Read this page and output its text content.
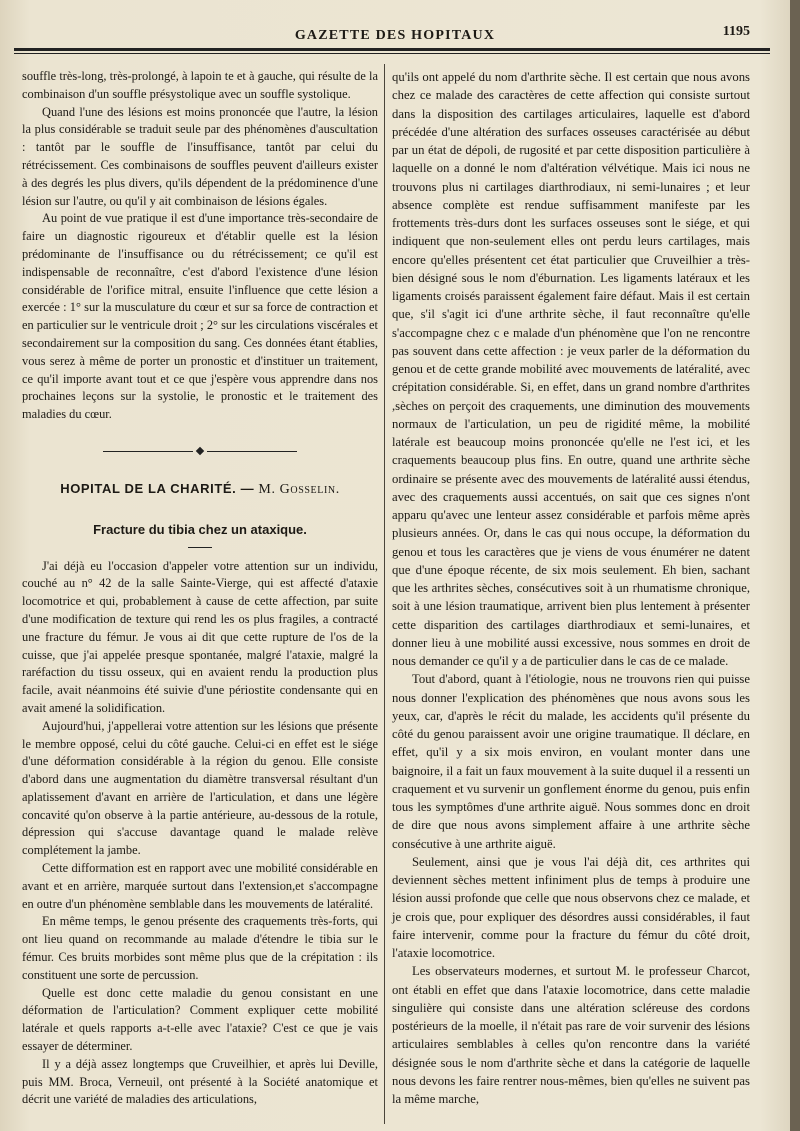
GAZETTE DES HOPITAUX	1195

souffle très-long, très-prolongé, à lapoin te et à gauche, qui résulte de la combinaison d'un souffle présystolique avec un souffle systolique.

Quand l'une des lésions est moins prononcée que l'autre, la lésion la plus considérable se traduit seule par des phénomènes d'auscultation : tantôt par le souffle de l'insuffisance, tantôt par celui du rétrécissement. Ces combinaisons de souffles peuvent d'ailleurs exister à des degrés les plus divers, qu'ils dépendent de la prédominence d'une lésion sur l'autre, ou qu'il y ait combinaison de lésions égales.

Au point de vue pratique il est d'une importance très-secondaire de faire un diagnostic rigoureux et d'établir quelle est la lésion prédominante de l'insuffisance ou du rétrécissement; ce qu'il est indispensable de reconnaître, c'est d'abord l'existence d'une lésion considérable de l'orifice mitral, ensuite l'influence que cette lésion a exercée : 1° sur la musculature du cœur et sur sa force de contraction et en particulier sur le ventricule droit ; 2° sur les circulations viscérales et secondairement sur la composition du sang. Ces données étant établies, vous serez à même de porter un pronostic et d'instituer un traitement, ce qu'il importe avant tout et ce que j'espère vous apprendre dans nos prochaines leçons sur la systolie, le pronostic et le traitement des maladies du cœur.

HOPITAL DE LA CHARITÉ. — M. Gosselin.
Fracture du tibia chez un ataxique.

J'ai déjà eu l'occasion d'appeler votre attention sur un individu, couché au n° 42 de la salle Sainte-Vierge, qui est affecté d'ataxie locomotrice et qui, probablement à cause de cette affection, par suite d'une modification de texture qui rend les os plus fragiles, a contracté une fracture du fémur. Je vous ai dit que cette rupture de l'os de la cuisse, que j'ai appelée presque spontanée, malgré l'ataxie, malgré la raréfaction du tissu osseux, qui en avaient rendu la production plus facile, avait néanmoins été suivie d'une périostite condensante qui en avait amené la solidification.

Aujourd'hui, j'appellerai votre attention sur les lésions que présente le membre opposé, celui du côté gauche. Celui-ci en effet est le siége d'une déformation considérable à la région du genou. Elle consiste d'abord dans une augmentation du diamètre transversal résultant d'un aplatissement d'avant en arrière de l'articulation, et dans une légère concavité qu'on observe à la partie antérieure, au-dessous de la rotule, dépression qui s'accuse davantage quand le malade relève complétement la jambe.

Cette difformation est en rapport avec une mobilité considérable en avant et en arrière, marquée surtout dans l'extension,et s'accompagne en outre d'un phénomène semblable dans les mouvements de latéralité.

En même temps, le genou présente des craquements très-forts, qui ont lieu quand on recommande au malade d'étendre le tibia sur le fémur. Ces bruits morbides sont même plus que de la crépitation : ils constituent une sorte de percussion.

Quelle est donc cette maladie du genou consistant en une déformation de l'articulation? Comment expliquer cette mobilité latérale et quels rapports a-t-elle avec l'ataxie? C'est ce que je vais essayer de déterminer.

Il y a déjà assez longtemps que Cruveilhier, et après lui Deville, puis MM. Broca, Verneuil, ont présenté à la Société anatomique et décrit une variété de maladies des articulations,

qu'ils ont appelé du nom d'arthrite sèche. Il est certain que nous avons chez ce malade des caractères de cette affection qui consiste surtout dans la disposition des cartilages articulaires, laquelle est d'abord précédée d'une altération des surfaces osseuses caractérisée au début par un état de dépoli, de rugosité et par cette disposition particulière à laquelle on a donné le nom d'altération vélvétique. Mais ici nous ne trouvons plus ni cartilages diarthrodiaux, ni semi-lunaires ; et leur absence complète est rendue suffisamment manifeste par les frottements très-durs dont les surfaces osseuses sont le siége, et qui indiquent que non-seulement elles ont perdu leurs cartilages, mais encore qu'elles présentent cet état particulier que Cruveilhier a très-bien désigné sous le nom d'éburnation. Les ligaments latéraux et les ligaments croisés paraissent également faire défaut. Mais il est certain que, s'il s'agit ici d'une arthrite sèche, il faut reconnaître qu'elle s'accompagne chez c e malade d'un phénomène que l'on ne rencontre pas souvent dans cette affection : je veux parler de la déformation du genou et de cette grande mobilité avec mouvements de latéralité, avec crépitation considérable. Si, en effet, dans un grand nombre d'arthrites ,sèches on perçoit des craquements, une diminution des mouvements normaux de l'articulation, un peu de rigidité même, la mobilité latérale est beaucoup moins prononcée qu'elle ne l'est ici, et les craquements beaucoup plus fins. En outre, quand une arthrite sèche ordinaire se présente avec des mouvements de latéralité aussi étendus, avec des craquements aussi accentués, on sait que ces signes n'ont apparu qu'avec une lenteur assez considérable et parfois même après plusieurs années. Or, dans le cas qui nous occupe, la déformation du genou et tous les caractères que je viens de vous énumérer ne datent que d'une époque récente, de six mois seulement. Eh bien, sachant que les arthrites sèches, consécutives soit à un rhumatisme chronique, soit à une lésion traumatique, arrivent bien plus lentement à présenter cette disparition des cartilages diarthrodiaux et semi-lunaires, et donner lieu à une mobilité aussi excessive, nous sommes en droit de nous demander ce qu'il y a de particulier dans le cas de ce malade.

Tout d'abord, quant à l'étiologie, nous ne trouvons rien qui puisse nous donner l'explication des phénomènes que nous avons sous les yeux, car, d'après le récit du malade, les accidents qu'il présente du côté du genou paraissent avoir une origine traumatique. Il déclare, en effet, qu'il y a six mois environ, en voulant monter dans une baignoire, il a fait un faux mouvement à la suite duquel il a ressenti un craquement et vu survenir un gonflement énorme du genou, puis enfin tous les symptômes d'une arthrite aiguë. Nous sommes donc en droit de dire que nous avons simplement affaire à une arthrite sèche consécutive à une arthrite aiguë.

Seulement, ainsi que je vous l'ai déjà dit, ces arthrites qui deviennent sèches mettent infiniment plus de temps à produire une lésion aussi profonde que celle que nous observons chez ce malade, et je crois que, pour expliquer des désordres aussi considérables, il faut faire intervenir, comme pour la fracture du fémur du côté droit, l'ataxie locomotrice.

Les observateurs modernes, et surtout M. le professeur Charcot, ont établi en effet que dans l'ataxie locomotrice, dans cette maladie singulière qui consiste dans une altération scléreuse des cordons postérieurs de la moelle, il n'était pas rare de voir survenir des lésions articulaires semblables à celles qu'on rencontre dans la variété désignée sous le nom d'arthrite sèche et dans la catégorie de laquelle nous devons les faire rentrer nous-mêmes, bien qu'elles ne suivent pas la même marche,
